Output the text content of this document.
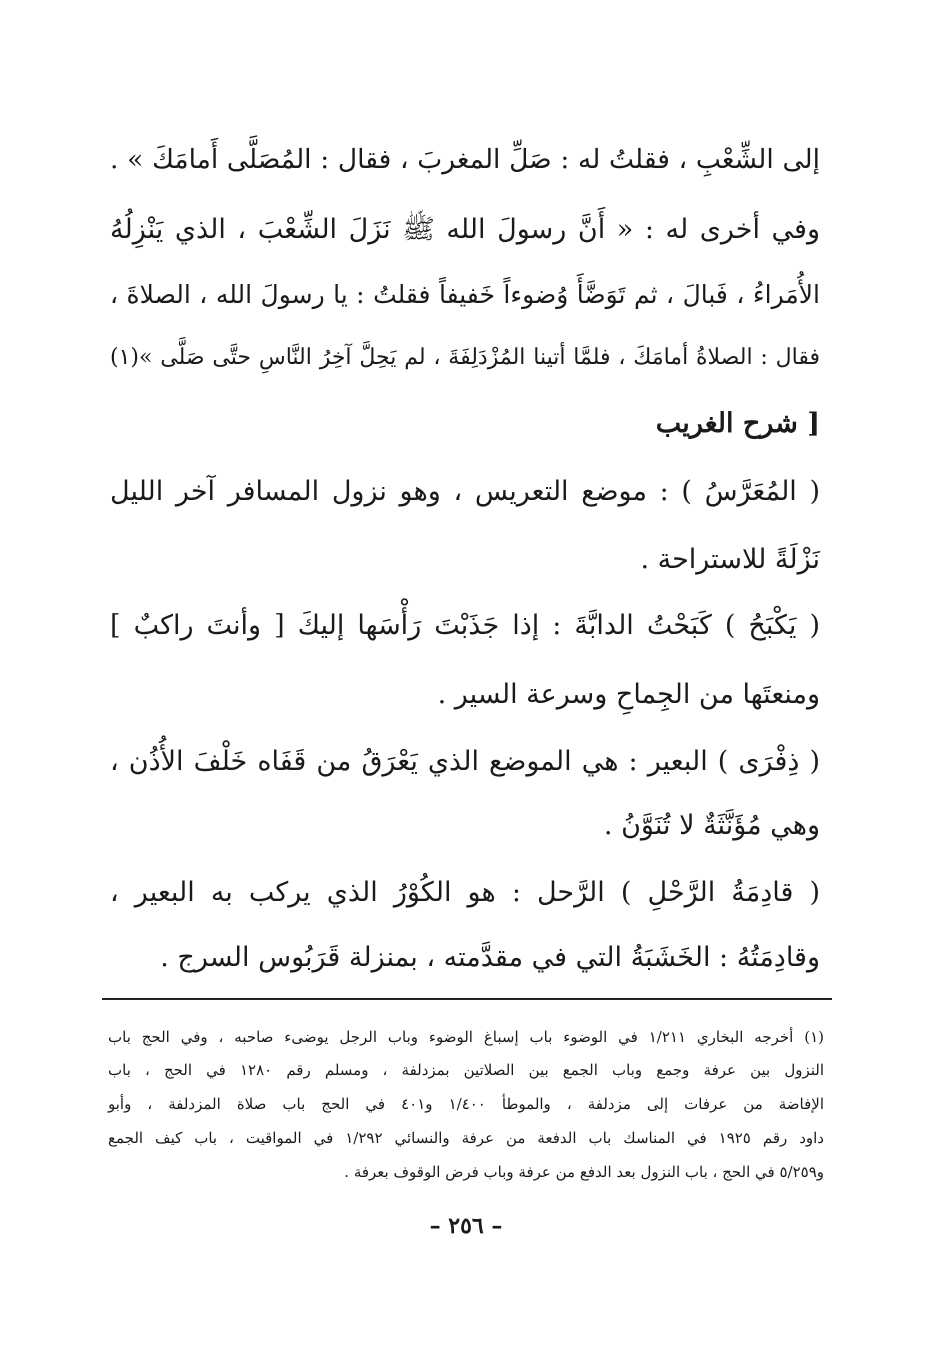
إلى الشِّعْبِ ، فقلتُ له : صَلِّ المغربَ ، فقال : المُصَلَّى أَمامَكَ » .
وفي أخرى له : « أَنَّ رسولَ الله ﷺ نَزَلَ الشِّعْبَ ، الذي يَنْزِلُهُ
الأُمَراءُ ، فَبالَ ، ثم تَوَضَّأَ وُضوءاً خَفيفاً فقلتُ : يا رسولَ الله ، الصلاةَ ،
فقال : الصلاةُ أمامَكَ ، فلمَّا أتينا المُزْدَلِفَةَ ، لم يَحِلَّ آخِرُ النَّاسِ حتَّى صَلَّى »(١)
[ شرح الغريب
( المُعَرَّسُ ) : موضع التعريس ، وهو نزول المسافر آخر الليل
نَزْلَةً للاستراحة .
( يَكْبَحُ ) كَبَحْتُ الدابَّةَ : إذا جَذَبْتَ رَأْسَها إليكَ [ وأنتَ راكبٌ ]
ومنعتَها من الجِماحِ وسرعة السير .
( ذِفْرَى ) البعير : هي الموضع الذي يَعْرَقُ من قَفَاه خَلْفَ الأُذُن ،
وهي مُؤَنَّثَةٌ لا تُنَوَّنُ .
( قادِمَةُ الرَّحْلِ ) الرَّحل : هو الكُوْرُ الذي يركب به البعير ،
وقادِمَتُهُ : الخَشَبَةُ التي في مقدَّمته ، بمنزلة قَرَبُوس السرج .
(١) أخرجه البخاري ١/٢١١ في الوضوء باب إسباغ الوضوء وباب الرجل يوضىء صاحبه ، وفي الحج باب
النزول بين عرفة وجمع وباب الجمع بين الصلاتين بمزدلفة ، ومسلم رقم ١٢٨٠ في الحج ، باب
الإفاضة من عرفات إلى مزدلفة ، والموطأ ١/٤٠٠ و٤٠١ في الحج باب صلاة المزدلفة ، وأبو
داود رقم ١٩٢٥ في المناسك باب الدفعة من عرفة والنسائي ١/٢٩٢ في المواقيت ، باب كيف الجمع
و٥/٢٥٩ في الحج ، باب النزول بعد الدفع من عرفة وباب فرض الوقوف بعرفة .
– ٢٥٦ –
